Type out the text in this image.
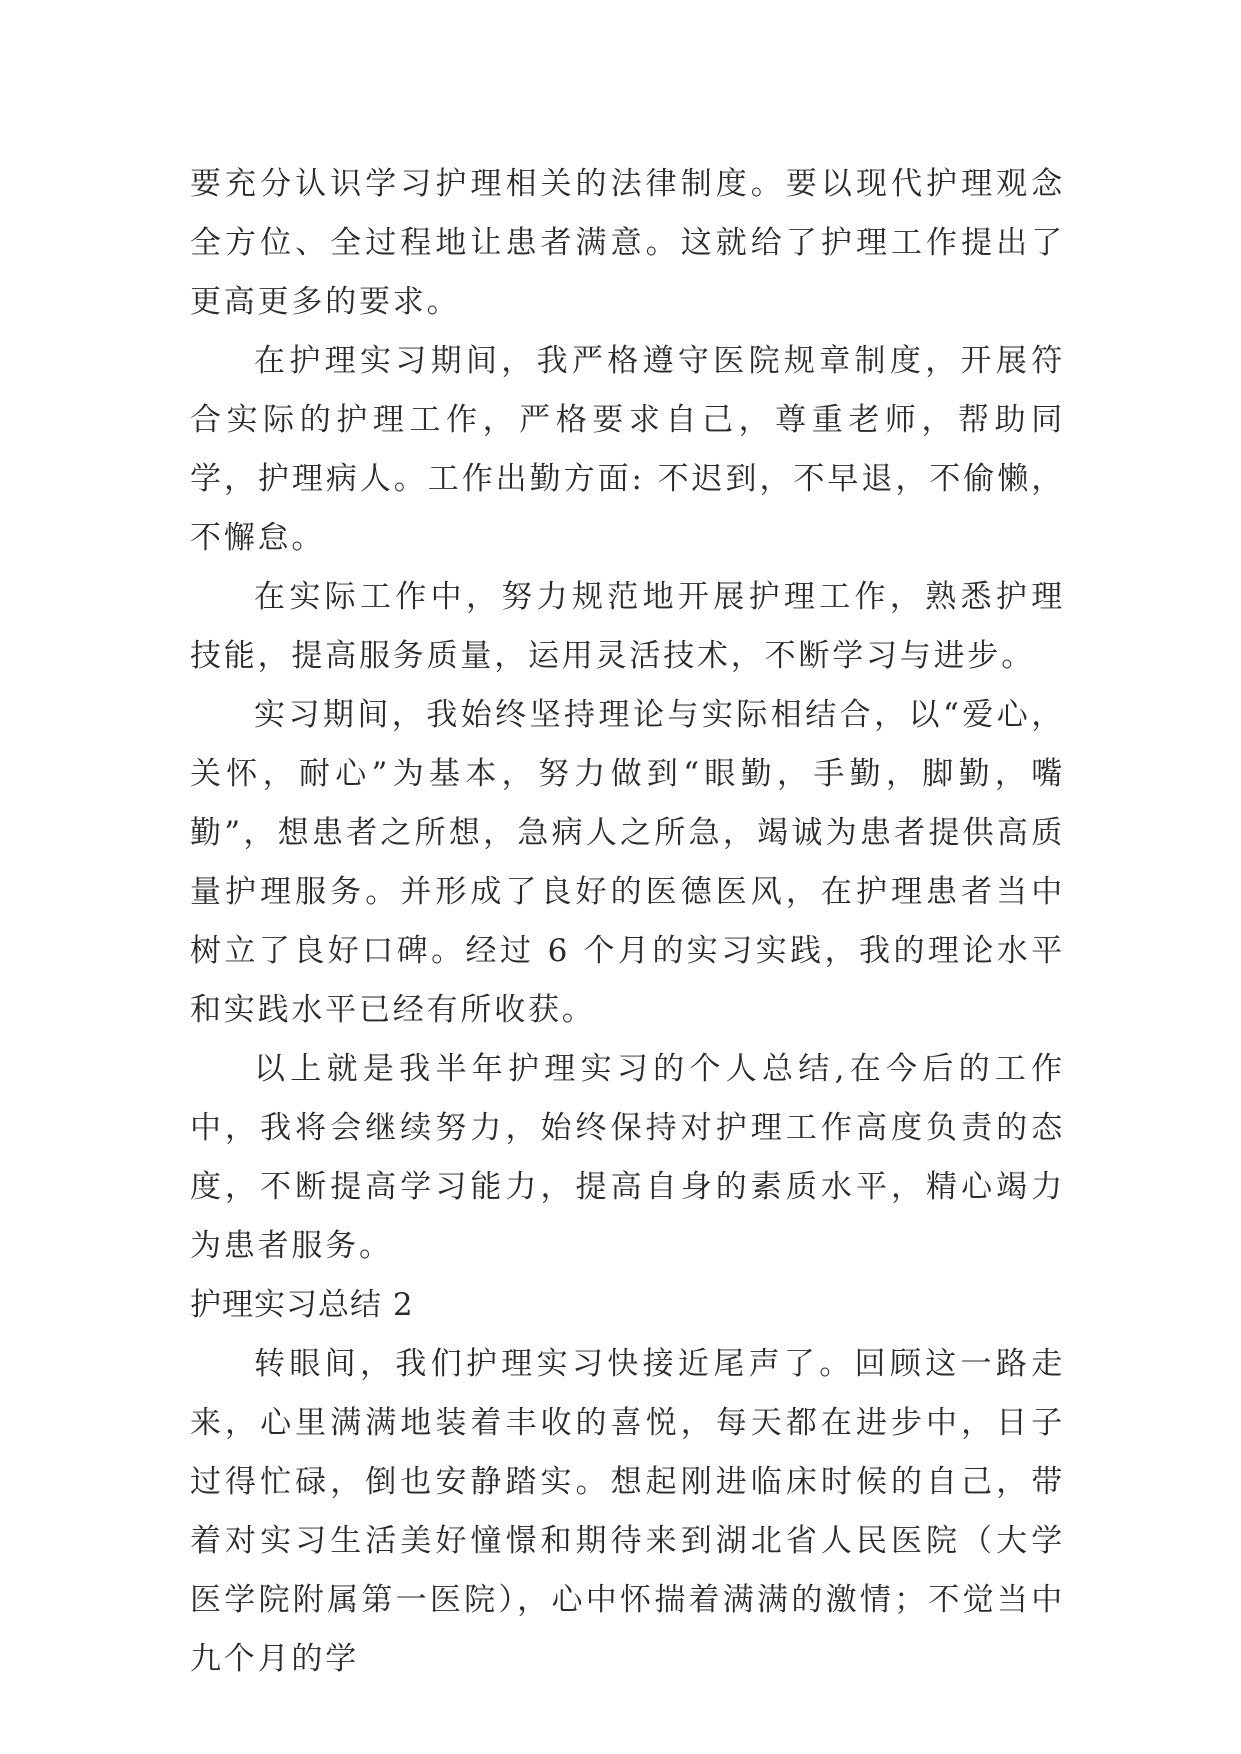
要充分认识学习护理相关的法律制度。要以现代护理观念全方位、全过程地让患者满意。这就给了护理工作提出了更高更多的要求。

在护理实习期间，我严格遵守医院规章制度，开展符合实际的护理工作，严格要求自己，尊重老师，帮助同学，护理病人。工作出勤方面: 不迟到，不早退，不偷懒，不懈怠。

在实际工作中，努力规范地开展护理工作，熟悉护理技能，提高服务质量，运用灵活技术，不断学习与进步。

实习期间，我始终坚持理论与实际相结合，以“爱心，关怀，耐心”为基本，努力做到“眼勤，手勤，脚勤，嘴勤”，想患者之所想，急病人之所急，竭诚为患者提供高质量护理服务。并形成了良好的医德医风，在护理患者当中树立了良好口碑。经过 6 个月的实习实践，我的理论水平和实践水平已经有所收获。

以上就是我半年护理实习的个人总结,在今后的工作中，我将会继续努力，始终保持对护理工作高度负责的态度，不断提高学习能力，提高自身的素质水平，精心竭力为患者服务。

护理实习总结 2

转眼间，我们护理实习快接近尾声了。回顾这一路走来，心里满满地装着丰收的喜悦，每天都在进步中，日子过得忙碌，倒也安静踏实。想起刚进临床时候的自己，带着对实习生活美好憧憬和期待来到湖北省人民医院（大学医学院附属第一医院），心中怀揣着满满的激情；不觉当中九个月的学
